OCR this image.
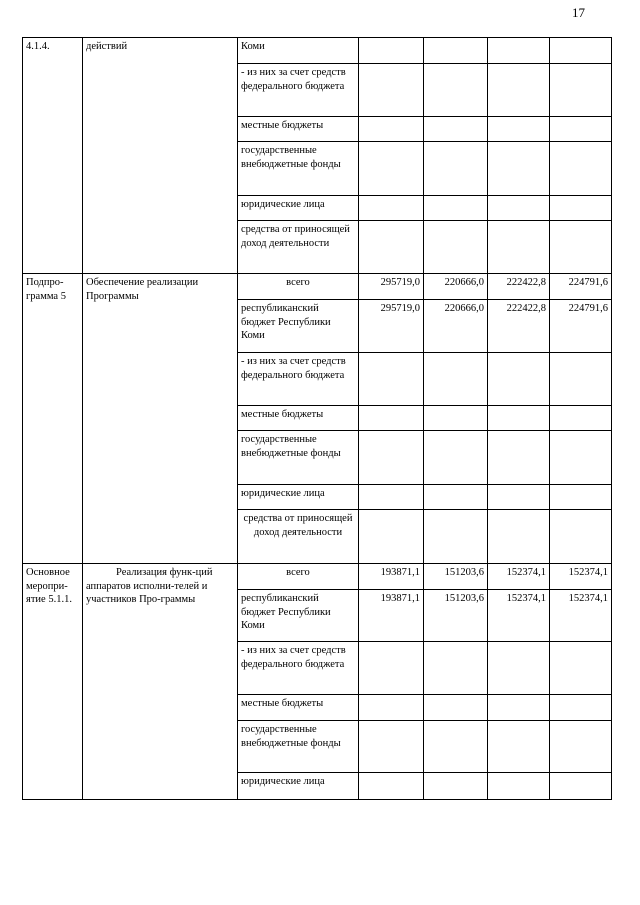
17
4.1.4.	действий	Коми				
		- из них за счет средств федерального бюджета				
		местные бюджеты				
		государственные внебюджетные фонды				
		юридические лица				
		средства от приносящей доход деятельности				
Подпро-грамма 5	Обеспечение реализации Программы	всего	295719,0	220666,0	222422,8	224791,6
		республиканский бюджет Республики Коми	295719,0	220666,0	222422,8	224791,6
		- из них за счет средств федерального бюджета				
		местные бюджеты				
		государственные внебюджетные фонды				
		юридические лица				
		средства от приносящей доход деятельности				
Основное меропри-ятие 5.1.1.	Реализация функ-ций аппаратов исполни-телей и участников Про-граммы	всего	193871,1	151203,6	152374,1	152374,1
		республиканский бюджет Республики Коми	193871,1	151203,6	152374,1	152374,1
		- из них за счет средств федерального бюджета				
		местные бюджеты				
		государственные внебюджетные фонды				
		юридические лица				
